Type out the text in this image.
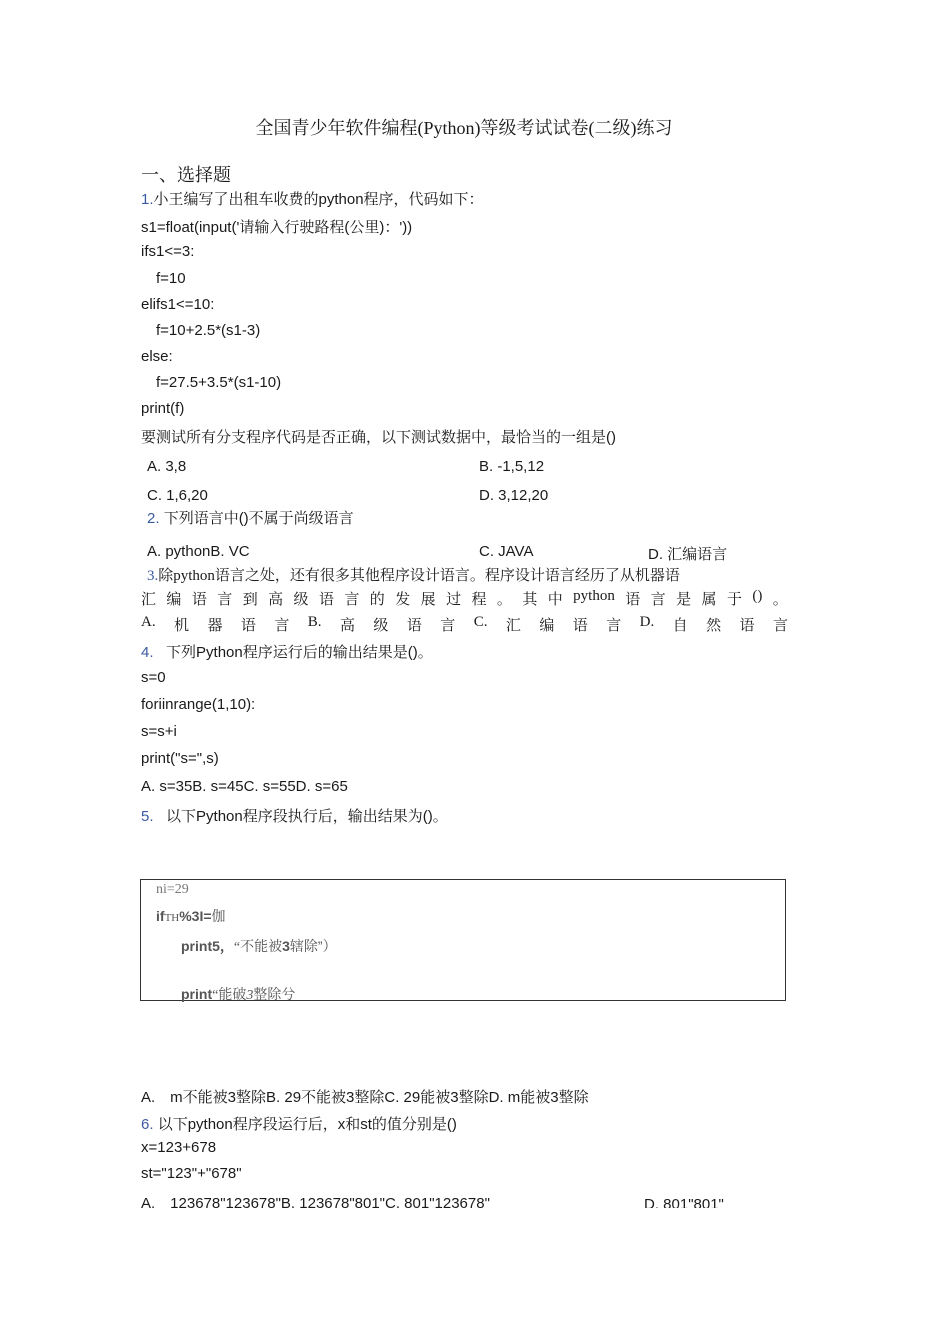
全国青少年软件编程(Python)等级考试试卷(二级)练习
一、选择题
1.小王编写了出租车收费的python程序，代码如下：
s1=float(input('请输入行驶路程(公里)：'))
ifs1<=3:
f=10
elifs1<=10:
f=10+2.5*(s1-3)
else:
f=27.5+3.5*(s1-10)
print(f)
要测试所有分支程序代码是否正确，以下测试数据中，最恰当的一组是()
A. 3,8	B. -1,5,12
C. 1,6,20	D. 3,12,20
2. 下列语言中()不属于尚级语言
A. pythonB. VC	C. JAVA	D. 汇编语言
3.除python语言之处，还有很多其他程序设计语言。程序设计语言经历了从机器语
汇 编 语 言 到 高 级 语 言 的 发 展 过 程 。 其 中 python 语 言 是 属 于 () 。
A. 机 器 语 言 B. 高 级 语 言 C. 汇 编 语 言 D. 自 然 语 言
4. 下列Python程序运行后的输出结果是()。
s=0
foriinrange(1,10):
s=s+i
print("s=",s)
A. s=35B. s=45C. s=55D. s=65
5. 以下Python程序段执行后，输出结果为()。
ni=29
ifTH%3I=伽
print5，“不能被3辖除”）
print“能破3整除兮
A.　m不能被3整除B. 29不能被3整除C. 29能被3整除D. m能被3整除
6. 以下python程序段运行后，x和st的值分别是()
x=123+678
st="123"+"678"
A.　123678"123678"B. 123678"801"C. 801"123678"	D. 801"801"
